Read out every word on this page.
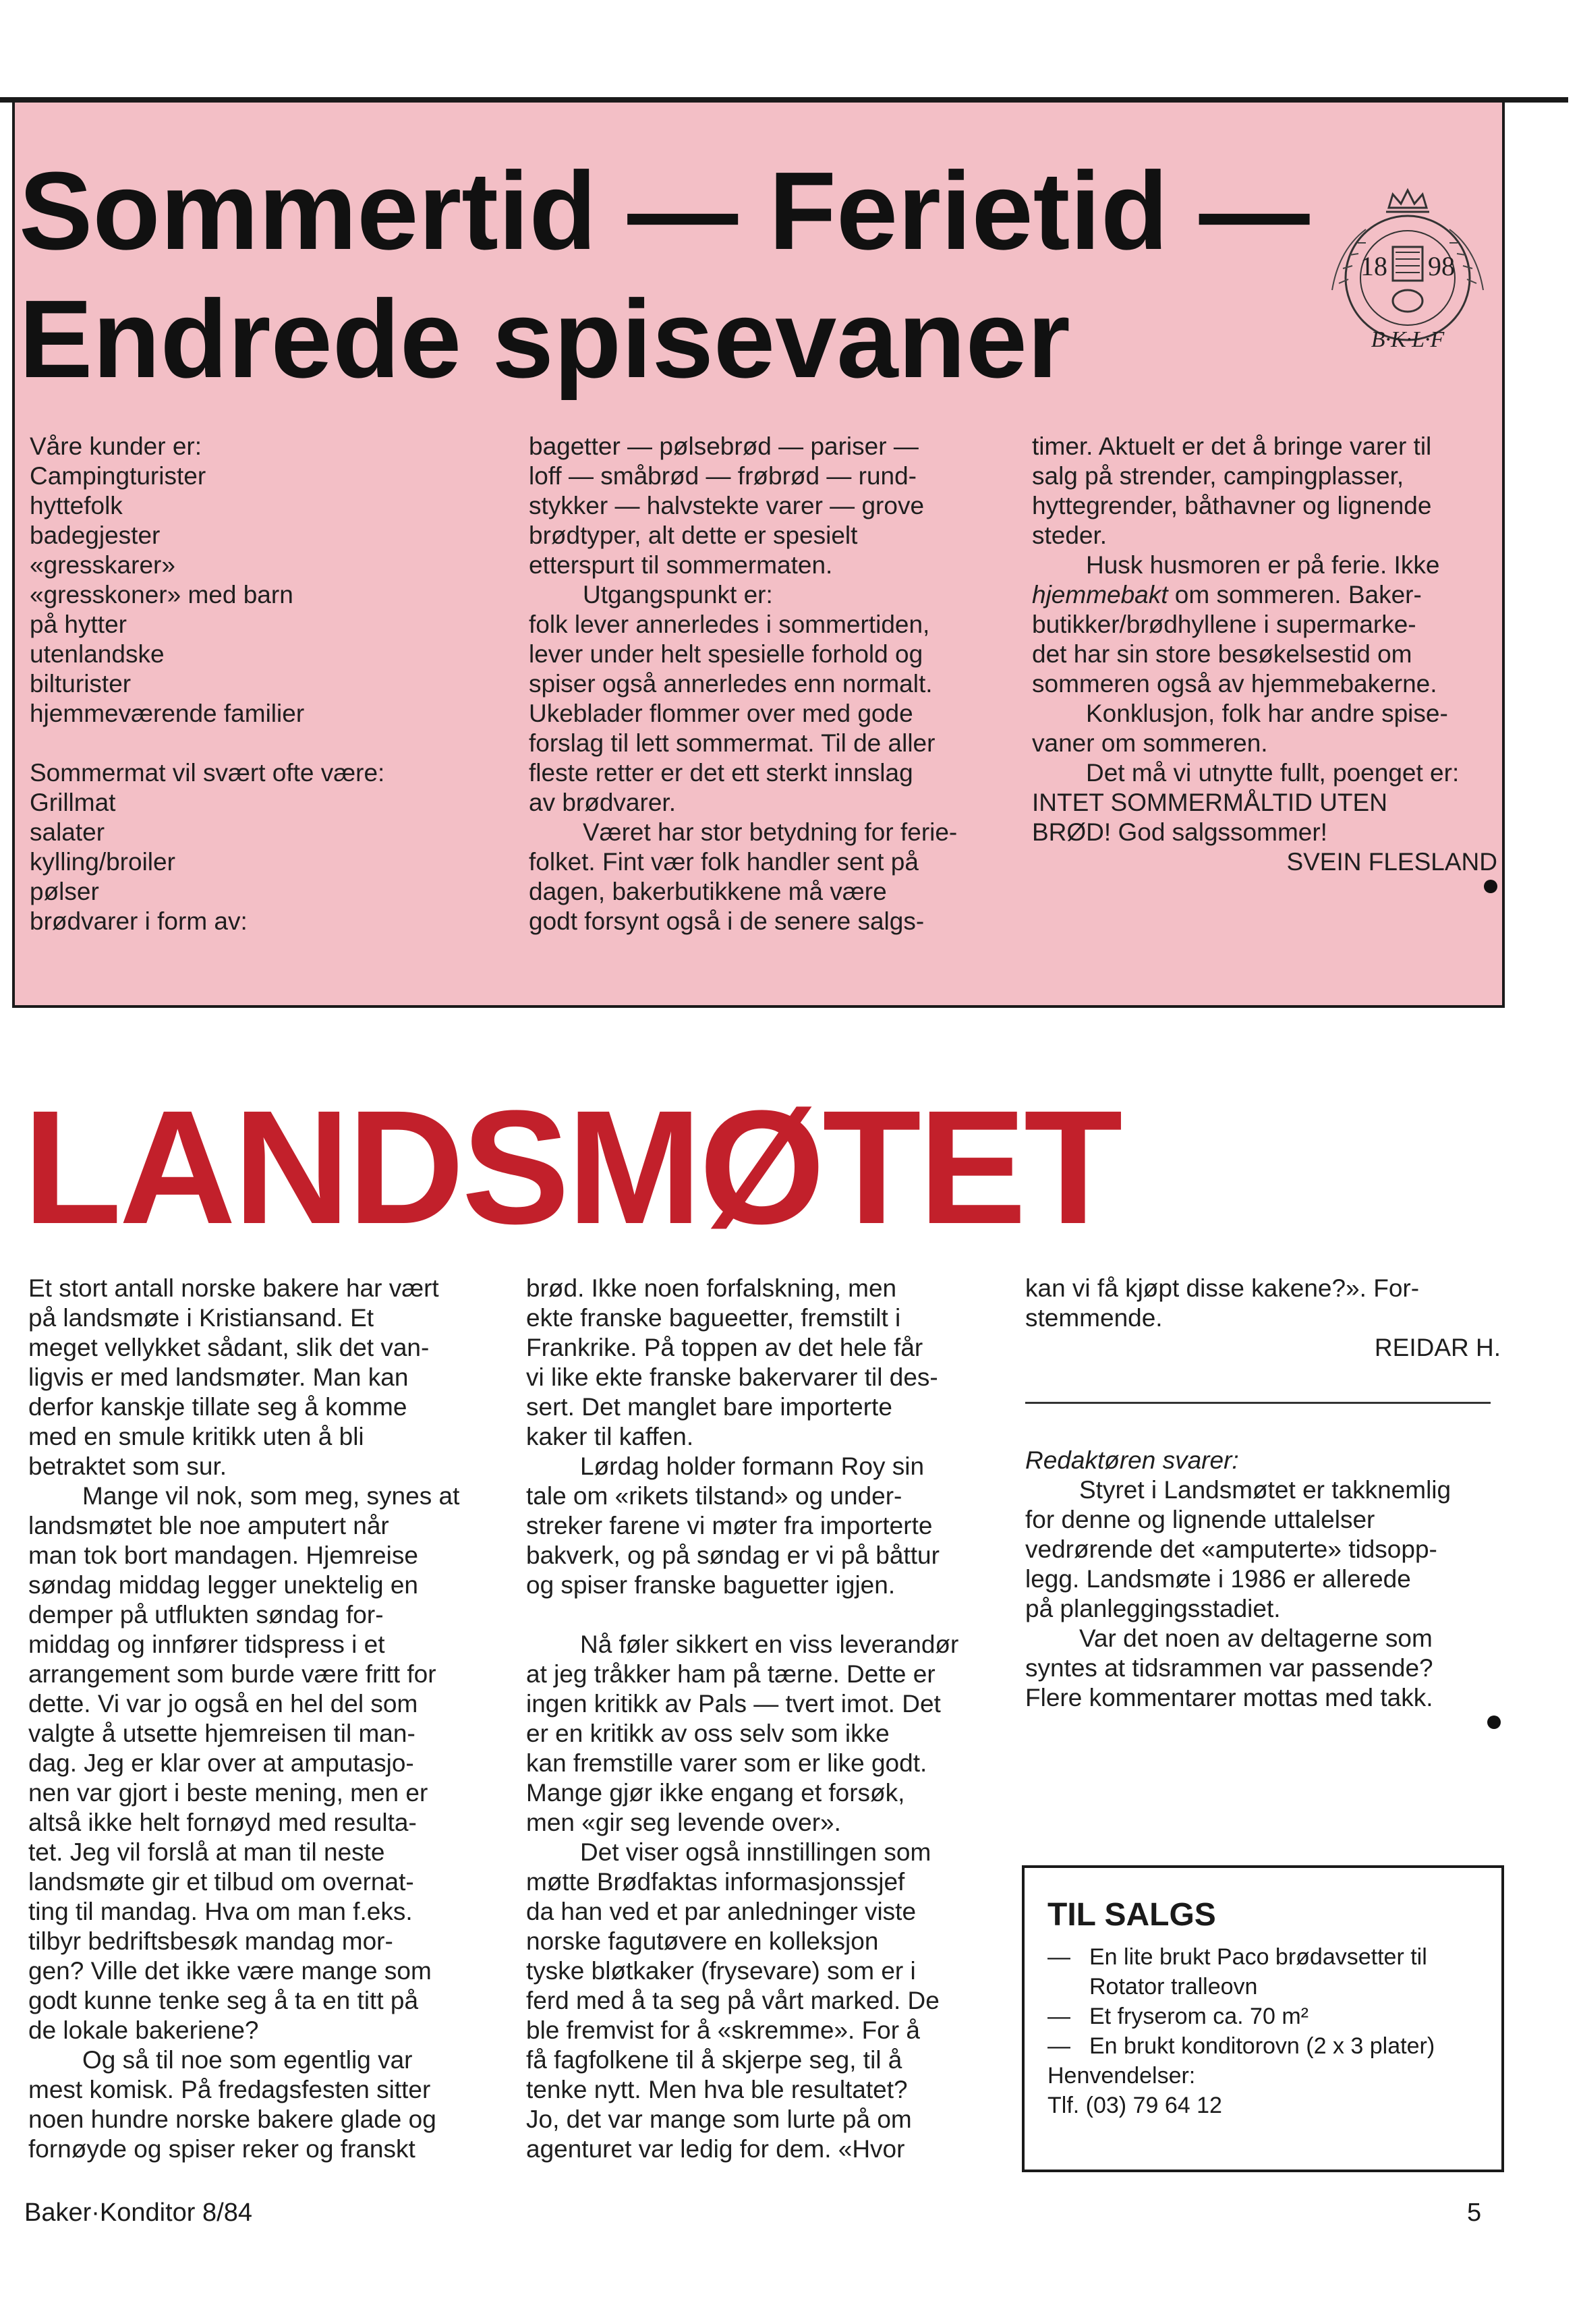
Sommertid — Ferietid —
Endrede spisevaner
18 98
B·K·L·F

Våre kunder er:

Campingturister

hyttefolk

badegjester

«gresskarer»

«gresskoner» med barn

på hytter

utenlandske

bilturister

hjemmeværende familier

Sommermat vil svært ofte være:

Grillmat

salater

kylling/broiler

pølser

brødvarer i form av:

bagetter — pølsebrød — pariser —

loff — småbrød — frøbrød — rund-

stykker — halvstekte varer — grove

brødtyper, alt dette er spesielt

etterspurt til sommermaten.

Utgangspunkt er:

folk lever annerledes i sommertiden,

lever under helt spesielle forhold og

spiser også annerledes enn normalt.

Ukeblader flommer over med gode

forslag til lett sommermat. Til de aller

fleste retter er det ett sterkt innslag

av brødvarer.

Været har stor betydning for ferie-

folket. Fint vær folk handler sent på

dagen, bakerbutikkene må være

godt forsynt også i de senere salgs-

timer. Aktuelt er det å bringe varer til

salg på strender, campingplasser,

hyttegrender, båthavner og lignende

steder.

Husk husmoren er på ferie. Ikke

hjemmebakt om sommeren. Baker-

butikker/brødhyllene i supermarke-

det har sin store besøkelsestid om

sommeren også av hjemmebakerne.

Konklusjon, folk har andre spise-

vaner om sommeren.

Det må vi utnytte fullt, poenget er:

INTET SOMMERMÅLTID UTEN

BRØD! God salgssommer!

SVEIN FLESLAND

LANDSMØTET

Et stort antall norske bakere har vært

på landsmøte i Kristiansand. Et

meget vellykket sådant, slik det van-

ligvis er med landsmøter. Man kan

derfor kanskje tillate seg å komme

med en smule kritikk uten å bli

betraktet som sur.

Mange vil nok, som meg, synes at

landsmøtet ble noe amputert når

man tok bort mandagen. Hjemreise

søndag middag legger unektelig en

demper på utflukten søndag for-

middag og innfører tidspress i et

arrangement som burde være fritt for

dette. Vi var jo også en hel del som

valgte å utsette hjemreisen til man-

dag. Jeg er klar over at amputasjo-

nen var gjort i beste mening, men er

altså ikke helt fornøyd med resulta-

tet. Jeg vil forslå at man til neste

landsmøte gir et tilbud om overnat-

ting til mandag. Hva om man f.eks.

tilbyr bedriftsbesøk mandag mor-

gen? Ville det ikke være mange som

godt kunne tenke seg å ta en titt på

de lokale bakeriene?

Og så til noe som egentlig var

mest komisk. På fredagsfesten sitter

noen hundre norske bakere glade og

fornøyde og spiser reker og franskt

brød. Ikke noen forfalskning, men

ekte franske bagueetter, fremstilt i

Frankrike. På toppen av det hele får

vi like ekte franske bakervarer til des-

sert. Det manglet bare importerte

kaker til kaffen.

Lørdag holder formann Roy sin

tale om «rikets tilstand» og under-

streker farene vi møter fra importerte

bakverk, og på søndag er vi på båttur

og spiser franske baguetter igjen.

Nå føler sikkert en viss leverandør

at jeg tråkker ham på tærne. Dette er

ingen kritikk av Pals — tvert imot. Det

er en kritikk av oss selv som ikke

kan fremstille varer som er like godt.

Mange gjør ikke engang et forsøk,

men «gir seg levende over».

Det viser også innstillingen som

møtte Brødfaktas informasjonssjef

da han ved et par anledninger viste

norske fagutøvere en kolleksjon

tyske bløtkaker (frysevare) som er i

ferd med å ta seg på vårt marked. De

ble fremvist for å «skremme». For å

få fagfolkene til å skjerpe seg, til å

tenke nytt. Men hva ble resultatet?

Jo, det var mange som lurte på om

agenturet var ledig for dem. «Hvor

kan vi få kjøpt disse kakene?». For-

stemmende.

REIDAR H.

Redaktøren svarer:

Styret i Landsmøtet er takknemlig

for denne og lignende uttalelser

vedrørende det «amputerte» tidsopp-

legg. Landsmøte i 1986 er allerede

på planleggingsstadiet.

Var det noen av deltagerne som

syntes at tidsrammen var passende?

Flere kommentarer mottas med takk.

TIL SALGS
— En lite brukt Paco brødavsetter til Rotator tralleovn
— Et fryserom ca. 70 m²
— En brukt konditorovn (2 x 3 plater)
Henvendelser:
Tlf. (03) 79 64 12
Baker·Konditor 8/84	5
